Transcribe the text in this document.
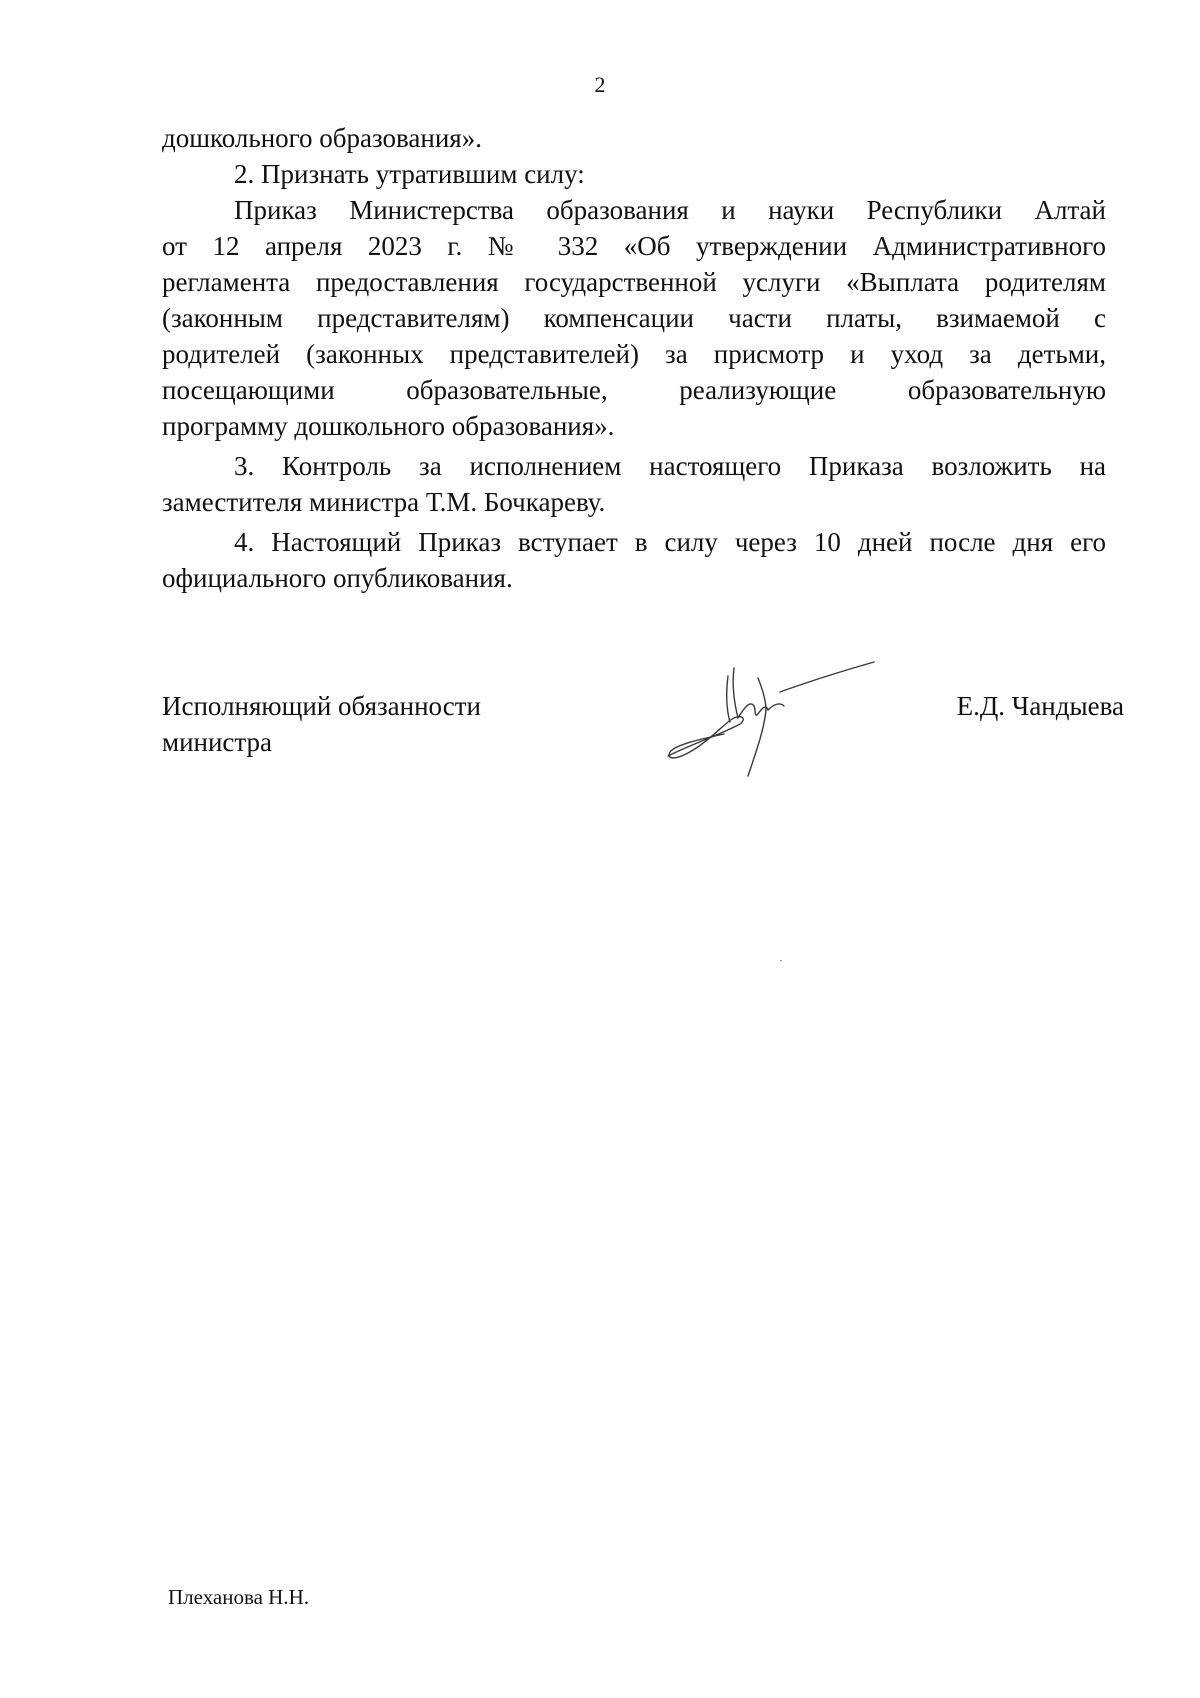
2

дошкольного образования».

2. Признать утратившим силу:

Приказ Министерства образования и науки Республики Алтай
от 12 апреля 2023 г. № 332 «Об утверждении Административного
регламента предоставления государственной услуги «Выплата родителям
(законным представителям) компенсации части платы, взимаемой с
родителей (законных представителей) за присмотр и уход за детьми,
посещающими образовательные, реализующие образовательную
программу дошкольного образования».

3. Контроль за исполнением настоящего Приказа возложить на
заместителя министра Т.М. Бочкареву.

4. Настоящий Приказ вступает в силу через 10 дней после дня его
официального опубликования.

Исполняющий обязанности
министра
Е.Д. Чандыева
Плеханова Н.Н.
